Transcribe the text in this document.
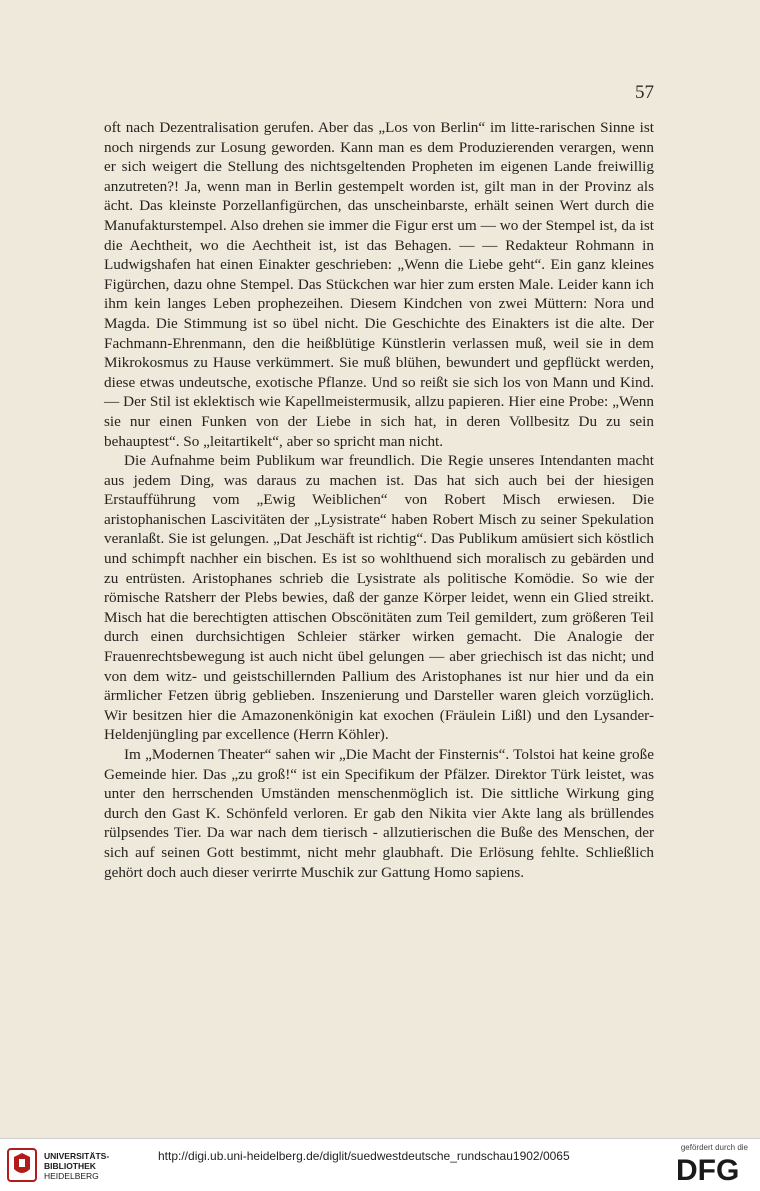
57

oft nach Dezentralisation gerufen. Aber das „Los von Berlin“ im litte-rarischen Sinne ist noch nirgends zur Losung geworden. Kann man es dem Produzierenden verargen, wenn er sich weigert die Stellung des nichtsgeltenden Propheten im eigenen Lande freiwillig anzutreten?! Ja, wenn man in Berlin gestempelt worden ist, gilt man in der Provinz als ächt. Das kleinste Porzellanfigürchen, das unscheinbarste, erhält seinen Wert durch die Manufakturstempel. Also drehen sie immer die Figur erst um — wo der Stempel ist, da ist die Aechtheit, wo die Aechtheit ist, ist das Behagen. — — Redakteur Rohmann in Ludwigshafen hat einen Einakter geschrieben: „Wenn die Liebe geht“. Ein ganz kleines Figürchen, dazu ohne Stempel. Das Stückchen war hier zum ersten Male. Leider kann ich ihm kein langes Leben prophezeihen. Diesem Kindchen von zwei Müttern: Nora und Magda. Die Stimmung ist so übel nicht. Die Geschichte des Einakters ist die alte. Der Fachmann-Ehrenmann, den die heißblütige Künstlerin verlassen muß, weil sie in dem Mikrokosmus zu Hause verkümmert. Sie muß blühen, bewundert und gepflückt werden, diese etwas undeutsche, exotische Pflanze. Und so reißt sie sich los von Mann und Kind. — Der Stil ist eklektisch wie Kapellmeistermusik, allzu papieren. Hier eine Probe: „Wenn sie nur einen Funken von der Liebe in sich hat, in deren Vollbesitz Du zu sein behauptest“. So „leitartikelt“, aber so spricht man nicht.

Die Aufnahme beim Publikum war freundlich. Die Regie unseres Intendanten macht aus jedem Ding, was daraus zu machen ist. Das hat sich auch bei der hiesigen Erstaufführung vom „Ewig Weiblichen“ von Robert Misch erwiesen. Die aristophanischen Lascivitäten der „Lysistrate“ haben Robert Misch zu seiner Spekulation veranlaßt. Sie ist gelungen. „Dat Jeschäft ist richtig“. Das Publikum amüsiert sich köstlich und schimpft nachher ein bischen. Es ist so wohlthuend sich moralisch zu gebärden und zu entrüsten. Aristophanes schrieb die Lysistrate als politische Komödie. So wie der römische Ratsherr der Plebs bewies, daß der ganze Körper leidet, wenn ein Glied streikt. Misch hat die berechtigten attischen Obscönitäten zum Teil gemildert, zum größeren Teil durch einen durchsichtigen Schleier stärker wirken gemacht. Die Analogie der Frauenrechtsbewegung ist auch nicht übel gelungen — aber griechisch ist das nicht; und von dem witz- und geistschillernden Pallium des Aristophanes ist nur hier und da ein ärmlicher Fetzen übrig geblieben. Inszenierung und Darsteller waren gleich vorzüglich. Wir besitzen hier die Amazonenkönigin kat exochen (Fräulein Lißl) und den Lysander-Heldenjüngling par excellence (Herrn Köhler).

Im „Modernen Theater“ sahen wir „Die Macht der Finsternis“. Tolstoi hat keine große Gemeinde hier. Das „zu groß!“ ist ein Specifikum der Pfälzer. Direktor Türk leistet, was unter den herrschenden Umständen menschenmöglich ist. Die sittliche Wirkung ging durch den Gast K. Schönfeld verloren. Er gab den Nikita vier Akte lang als brüllendes rülpsendes Tier. Da war nach dem tierisch - allzutierischen die Buße des Menschen, der sich auf seinen Gott bestimmt, nicht mehr glaubhaft. Die Erlösung fehlte. Schließlich gehört doch auch dieser verirrte Muschik zur Gattung Homo sapiens.

UNIVERSITÄTS-
BIBLIOTHEK
HEIDELBERG
http://digi.ub.uni-heidelberg.de/diglit/suedwestdeutsche_rundschau1902/0065
gefördert durch die
DFG
